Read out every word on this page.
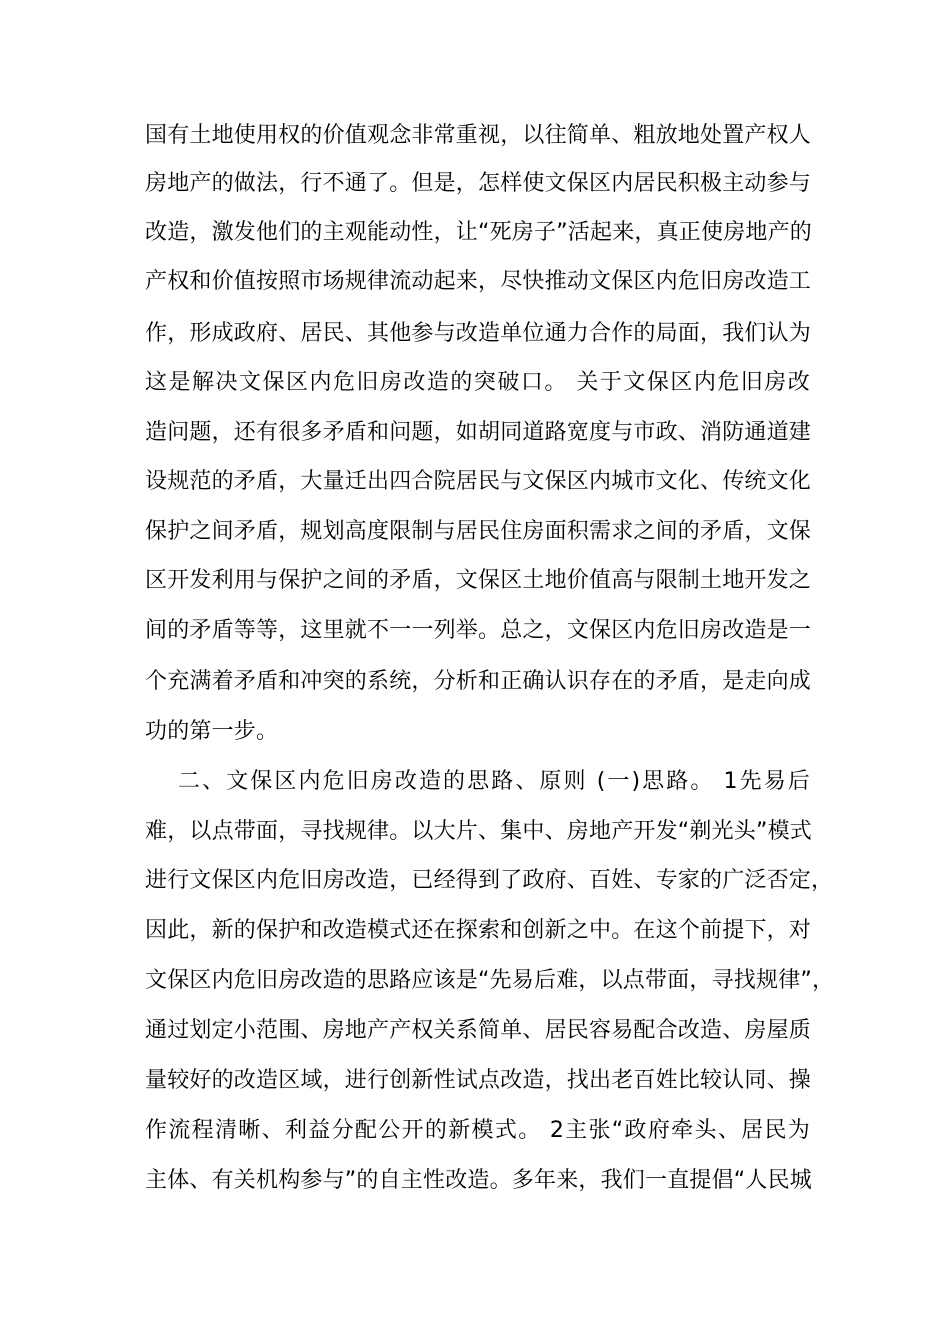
国有土地使用权的价值观念非常重视，以往简单、粗放地处置产权人
房地产的做法，行不通了。但是，怎样使文保区内居民积极主动参与
改造，激发他们的主观能动性，让“死房子”活起来，真正使房地产的
产权和价值按照市场规律流动起来，尽快推动文保区内危旧房改造工
作，形成政府、居民、其他参与改造单位通力合作的局面，我们认为
这是解决文保区内危旧房改造的突破口。 关于文保区内危旧房改
造问题，还有很多矛盾和问题，如胡同道路宽度与市政、消防通道建
设规范的矛盾，大量迁出四合院居民与文保区内城市文化、传统文化
保护之间矛盾，规划高度限制与居民住房面积需求之间的矛盾，文保
区开发利用与保护之间的矛盾，文保区土地价值高与限制土地开发之
间的矛盾等等，这里就不一一列举。总之，文保区内危旧房改造是一
个充满着矛盾和冲突的系统，分析和正确认识存在的矛盾，是走向成
功的第一步。
二、文保区内危旧房改造的思路、原则 (一)思路。 1先易后
难，以点带面，寻找规律。以大片、集中、房地产开发“剃光头”模式
进行文保区内危旧房改造，已经得到了政府、百姓、专家的广泛否定，
因此，新的保护和改造模式还在探索和创新之中。在这个前提下，对
文保区内危旧房改造的思路应该是“先易后难，以点带面，寻找规律”，
通过划定小范围、房地产产权关系简单、居民容易配合改造、房屋质
量较好的改造区域，进行创新性试点改造，找出老百姓比较认同、操
作流程清晰、利益分配公开的新模式。 2主张“政府牵头、居民为
主体、有关机构参与”的自主性改造。多年来，我们一直提倡“人民城
